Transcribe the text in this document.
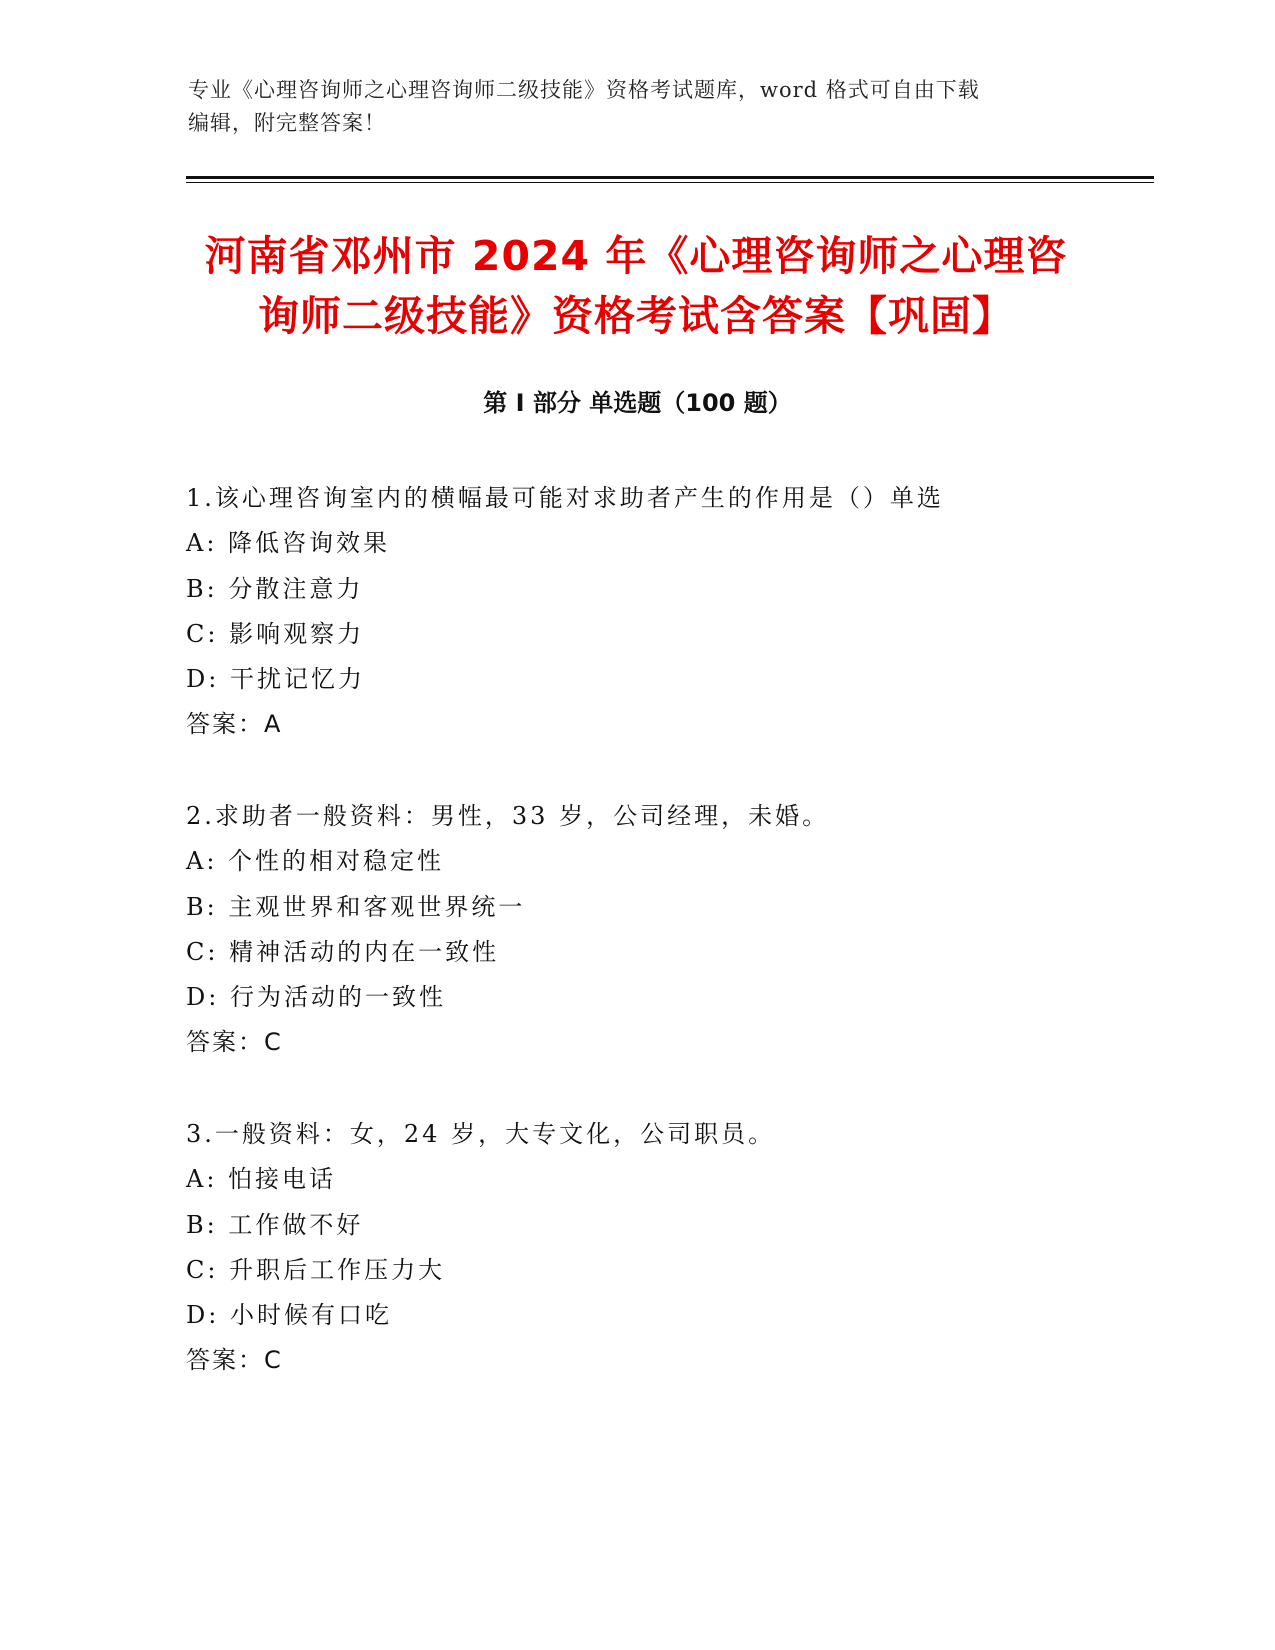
专业《心理咨询师之心理咨询师二级技能》资格考试题库，word 格式可自由下载
编辑，附完整答案！
河南省邓州市 2024 年《心理咨询师之心理咨
询师二级技能》资格考试含答案【巩固】
第 I 部分 单选题（100 题）
1.该心理咨询室内的横幅最可能对求助者产生的作用是（）单选
A: 降低咨询效果
B: 分散注意力
C: 影响观察力
D: 干扰记忆力
答案：A
2.求助者一般资料：男性，33 岁，公司经理，未婚。
A: 个性的相对稳定性
B: 主观世界和客观世界统一
C: 精神活动的内在一致性
D: 行为活动的一致性
答案：C
3.一般资料：女，24 岁，大专文化，公司职员。
A: 怕接电话
B: 工作做不好
C: 升职后工作压力大
D: 小时候有口吃
答案：C
